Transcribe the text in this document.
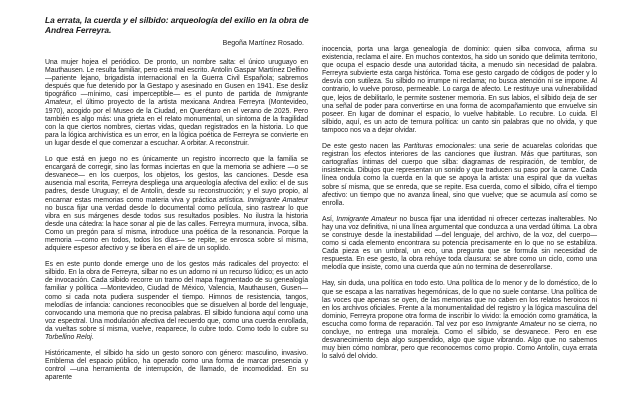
La errata, la cuerda y el silbido: arqueología del exilio en la obra de Andrea Ferreyra.
Begoña Martínez Rosado.

Una mujer hojea el periódico. De pronto, un nombre salta: el único uruguayo en Mauthausen. Le resulta familiar, pero está mal escrito. Antolín Gaspar Martínez Delfino —pariente lejano, brigadista internacional en la Guerra Civil Española; sabremos después que fue detenido por la Gestapo y asesinado en Gusen en 1941. Ese desliz tipográfico —mínimo, casi imperceptible— es el punto de partida de Inmigrante Amateur, el último proyecto de la artista mexicana Andrea Ferreyra (Montevideo, 1970), acogido por el Museo de la Ciudad, en Querétaro en el verano de 2025. Pero también es algo más: una grieta en el relato monumental, un síntoma de la fragilidad con la que ciertos nombres, ciertas vidas, quedan registrados en la historia. Lo que para la lógica archivística es un error, en la lógica poética de Ferreyra se convierte en un lugar desde el que comenzar a escuchar. A orbitar. A reconstruir.

Lo que está en juego no es únicamente un registro incorrecto que la familia se encargará de corregir, sino las formas inciertas en que la memoria se adhiere —o se desvanece— en los cuerpos, los objetos, los gestos, las canciones. Desde esa ausencia mal escrita, Ferreyra despliega una arqueología afectiva del exilio: el de sus padres, desde Uruguay; el de Antolín, desde su reconstrucción; y el suyo propio, al encarnar estas memorias como materia viva y práctica artística. Inmigrante Amateur no busca fijar una verdad desde lo documental como película, sino rastrear lo que vibra en sus márgenes desde todos sus resultados posibles. No ilustra la historia desde una cátedra: la hace sonar al pie de las calles. Ferreyra murmura, invoca, silba. Como un pregón para sí misma, introduce una poética de la resonancia. Porque la memoria —como en todos, todos los días— se repite, se enrosca sobre sí misma, adquiere espesor afectivo y se libera en el aire de un soplido.

Es en este punto donde emerge uno de los gestos más radicales del proyecto: el silbido. En la obra de Ferreyra, silbar no es un adorno ni un recurso lúdico; es un acto de invocación. Cada silbido recorre un tramo del mapa fragmentado de su genealogía familiar y política —Montevideo, Ciudad de México, Valencia, Mauthausen, Gusen— como si cada nota pudiera suspender el tiempo. Himnos de resistencia, tangos, melodías de infancia: canciones reconocibles que se disuelven al borde del lenguaje, convocando una memoria que no precisa palabras. El silbido funciona aquí como una voz espectral. Una modulación afectiva del recuerdo que, como una cuerda enrollada, da vueltas sobre sí misma, vuelve, reaparece, lo cubre todo. Como todo lo cubre su Torbellino Reloj.

Históricamente, el silbido ha sido un gesto sonoro con género: masculino, invasivo. Emblema del espacio público, ha operado como una forma de marcar presencia y control —una herramienta de interrupción, de llamado, de incomodidad. En su aparente

inocencia, porta una larga genealogía de dominio: quien silba convoca, afirma su existencia, reclama el aire. En muchos contextos, ha sido un sonido que delimita territorio, que ocupa el espacio desde una autoridad tácita, a menudo sin necesidad de palabra. Ferreyra subvierte esta carga histórica. Toma ese gesto cargado de códigos de poder y lo desvía con sutileza. Su silbido no irrumpe ni reclama; no busca atención ni se impone. Al contrario, lo vuelve poroso, permeable. Lo carga de afecto. Le restituye una vulnerabilidad que, lejos de debilitarlo, le permite sostener memoria. En sus labios, el silbido deja de ser una señal de poder para convertirse en una forma de acompañamiento que envuelve sin poseer. En lugar de dominar el espacio, lo vuelve habitable. Lo recubre. Lo cuida. El silbido, aquí, es un acto de ternura política: un canto sin palabras que no olvida, y que tampoco nos va a dejar olvidar.

De este gesto nacen las Partituras emocionales: una serie de acuarelas coloridas que registran los efectos interiores de las canciones que ilustran. Más que partituras, son cartografías íntimas del cuerpo que silba: diagramas de respiración, de temblor, de insistencia. Dibujos que representan un sonido y que traducen su paso por la carne. Cada línea ondula como la cuerda en la que se apoya la artista: una espiral que da vueltas sobre sí misma, que se enreda, que se repite. Esa cuerda, como el silbido, cifra el tiempo afectivo: un tiempo que no avanza lineal, sino que vuelve; que se acumula así como se enrolla.

Así, Inmigrante Amateur no busca fijar una identidad ni ofrecer certezas inalterables. No hay una voz definitiva, ni una línea argumental que conduzca a una verdad última. La obra se construye desde la inestabilidad —del lenguaje, del archivo, de la voz, del cuerpo— como si cada elemento encontrara su potencia precisamente en lo que no se estabiliza. Cada pieza es un umbral, un eco, una pregunta que se formula sin necesidad de respuesta. En ese gesto, la obra rehúye toda clausura: se abre como un ciclo, como una melodía que insiste, como una cuerda que aún no termina de desenrollarse.

Hay, sin duda, una política en todo esto. Una política de lo menor y de lo doméstico, de lo que se escapa a las narrativas hegemónicas, de lo que no suele contarse. Una política de las voces que apenas se oyen, de las memorias que no caben en los relatos heroicos ni en los archivos oficiales. Frente a la monumentalidad del registro y la lógica masculina del dominio, Ferreyra propone otra forma de inscribir lo vivido: la emoción como gramática, la escucha como forma de reparación. Tal vez por eso Inmigrante Amateur no se cierra, no concluye, no entrega una moraleja. Como el silbido, se desvanece. Pero en ese desvanecimiento deja algo suspendido, algo que sigue vibrando. Algo que no sabemos muy bien cómo nombrar, pero que reconocemos como propio. Como Antolín, cuya errata lo salvó del olvido.
